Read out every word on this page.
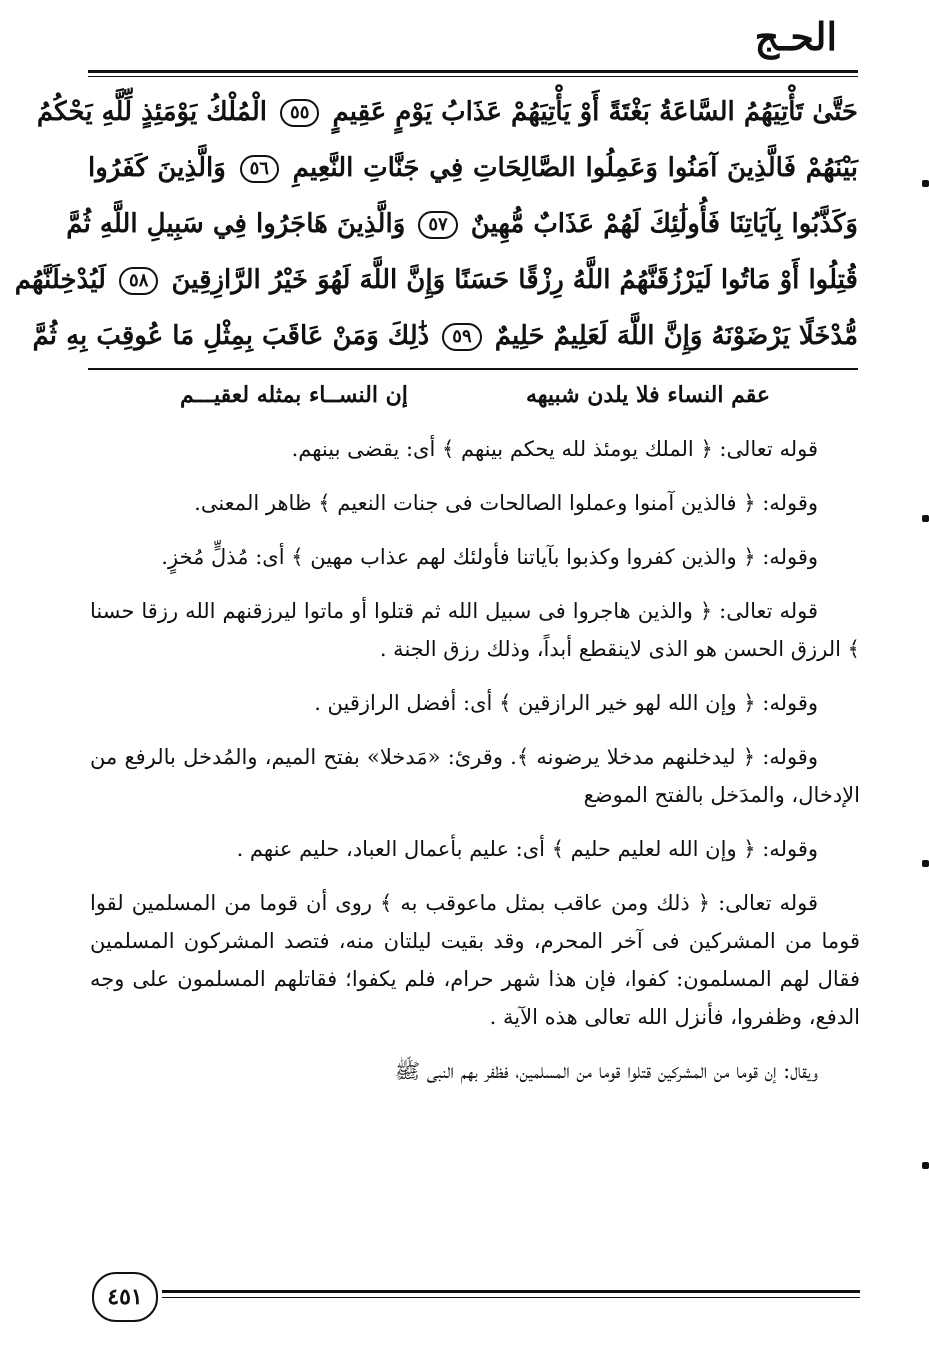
الحـج
حَتَّىٰ تَأْتِيَهُمُ السَّاعَةُ بَغْتَةً أَوْ يَأْتِيَهُمْ عَذَابُ يَوْمٍ عَقِيمٍ ٥٥ الْمُلْكُ يَوْمَئِذٍ لِّلَّهِ يَحْكُمُ
بَيْنَهُمْ فَالَّذِينَ آمَنُوا وَعَمِلُوا الصَّالِحَاتِ فِي جَنَّاتِ النَّعِيمِ ٥٦ وَالَّذِينَ كَفَرُوا
وَكَذَّبُوا بِآيَاتِنَا فَأُولَٰئِكَ لَهُمْ عَذَابٌ مُّهِينٌ ٥٧ وَالَّذِينَ هَاجَرُوا فِي سَبِيلِ اللَّهِ ثُمَّ
قُتِلُوا أَوْ مَاتُوا لَيَرْزُقَنَّهُمُ اللَّهُ رِزْقًا حَسَنًا وَإِنَّ اللَّهَ لَهُوَ خَيْرُ الرَّازِقِينَ ٥٨ لَيُدْخِلَنَّهُم
مُّدْخَلًا يَرْضَوْنَهُ وَإِنَّ اللَّهَ لَعَلِيمٌ حَلِيمٌ ٥٩ ذَٰلِكَ وَمَنْ عَاقَبَ بِمِثْلِ مَا عُوقِبَ بِهِ ثُمَّ
عقم النساء فلا يلدن شبيهه
إن النســاء بمثله لعقيـــم

قوله تعالى: ﴿ الملك يومئذ لله يحكم بينهم ﴾ أى: يقضى بينهم.

وقوله: ﴿ فالذين آمنوا وعملوا الصالحات فى جنات النعيم ﴾ ظاهر المعنى.

وقوله: ﴿ والذين كفروا وكذبوا بآياتنا فأولئك لهم عذاب مهين ﴾ أى: مُذلٍّ مُخزٍ.

قوله تعالى: ﴿ والذين هاجروا فى سبيل الله ثم قتلوا أو ماتوا ليرزقنهم الله رزقا حسنا ﴾ الرزق الحسن هو الذى لاينقطع أبداً، وذلك رزق الجنة .

وقوله: ﴿ وإن الله لهو خير الرازقين ﴾ أى: أفضل الرازقين .

وقوله: ﴿ ليدخلنهم مدخلا يرضونه ﴾. وقرئ: «مَدخلا» بفتح الميم، والمُدخل بالرفع من الإدخال، والمدَخل بالفتح الموضع

وقوله: ﴿ وإن الله لعليم حليم ﴾ أى: عليم بأعمال العباد، حليم عنهم .

قوله تعالى: ﴿ ذلك ومن عاقب بمثل ماعوقب به ﴾ روى أن قوما من المسلمين لقوا قوما من المشركين فى آخر المحرم، وقد بقيت ليلتان منه، فتصد المشركون المسلمين فقال لهم المسلمون: كفوا، فإن هذا شهر حرام، فلم يكفوا؛ فقاتلهم المسلمون على وجه الدفع، وظفروا، فأنزل الله تعالى هذه الآية .

ويقال: إن قوما من المشركين قتلوا قوما من المسلمين، فظفر بهم النبى ﷺ

٤٥١
